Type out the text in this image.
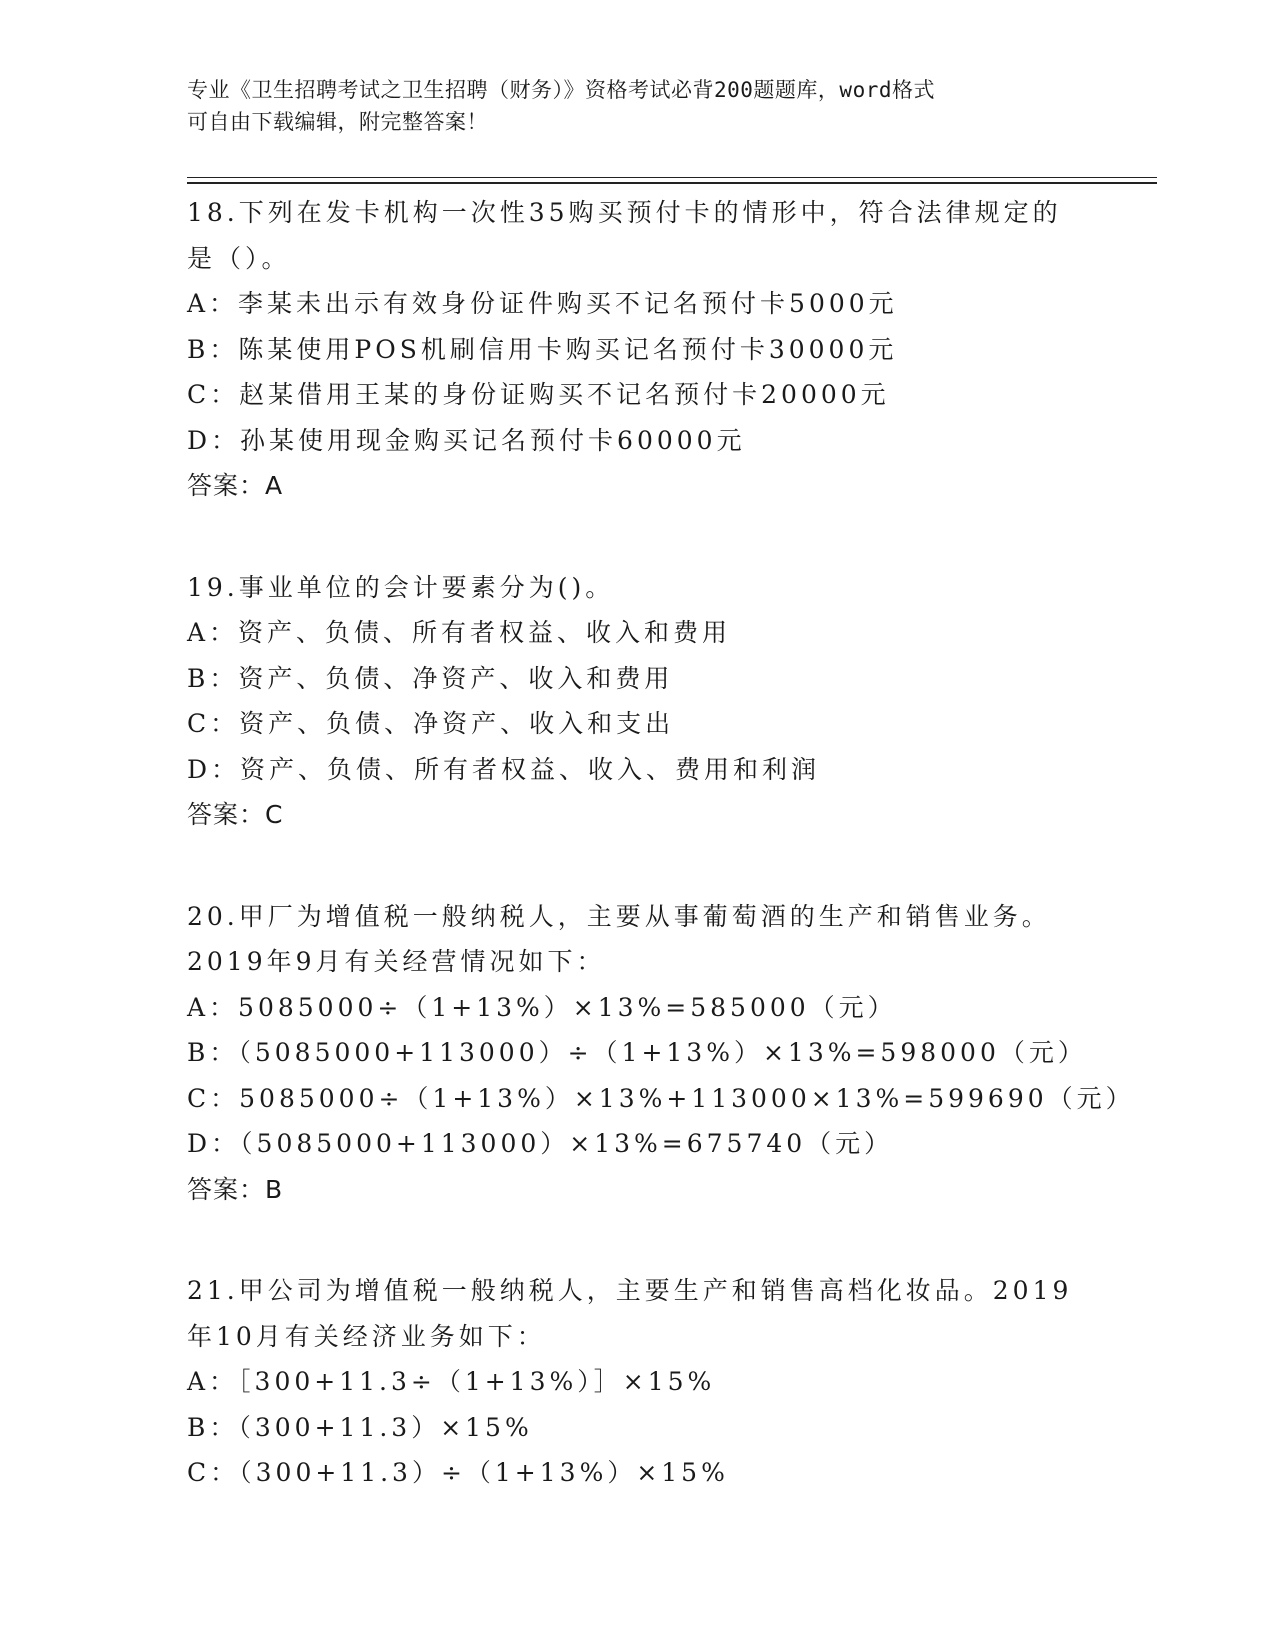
专业《卫生招聘考试之卫生招聘（财务）》资格考试必背200题题库，word格式
可自由下载编辑，附完整答案！
18.下列在发卡机构一次性35购买预付卡的情形中，符合法律规定的
是（）。
A：李某未出示有效身份证件购买不记名预付卡5000元
B：陈某使用POS机刷信用卡购买记名预付卡30000元
C：赵某借用王某的身份证购买不记名预付卡20000元
D：孙某使用现金购买记名预付卡60000元
答案：A
19.事业单位的会计要素分为()。
A：资产、负债、所有者权益、收入和费用
B：资产、负债、净资产、收入和费用
C：资产、负债、净资产、收入和支出
D：资产、负债、所有者权益、收入、费用和利润
答案：C
20.甲厂为增值税一般纳税人，主要从事葡萄酒的生产和销售业务。
2019年9月有关经营情况如下：
A：5085000÷（1+13%）×13%=585000（元）
B：（5085000+113000）÷（1+13%）×13%=598000（元）
C：5085000÷（1+13%）×13%+113000×13%=599690（元）
D：（5085000+113000）×13%=675740（元）
答案：B
21.甲公司为增值税一般纳税人，主要生产和销售高档化妆品。2019
年10月有关经济业务如下：
A：［300+11.3÷（1+13%）］×15%
B：（300+11.3）×15%
C：（300+11.3）÷（1+13%）×15%
